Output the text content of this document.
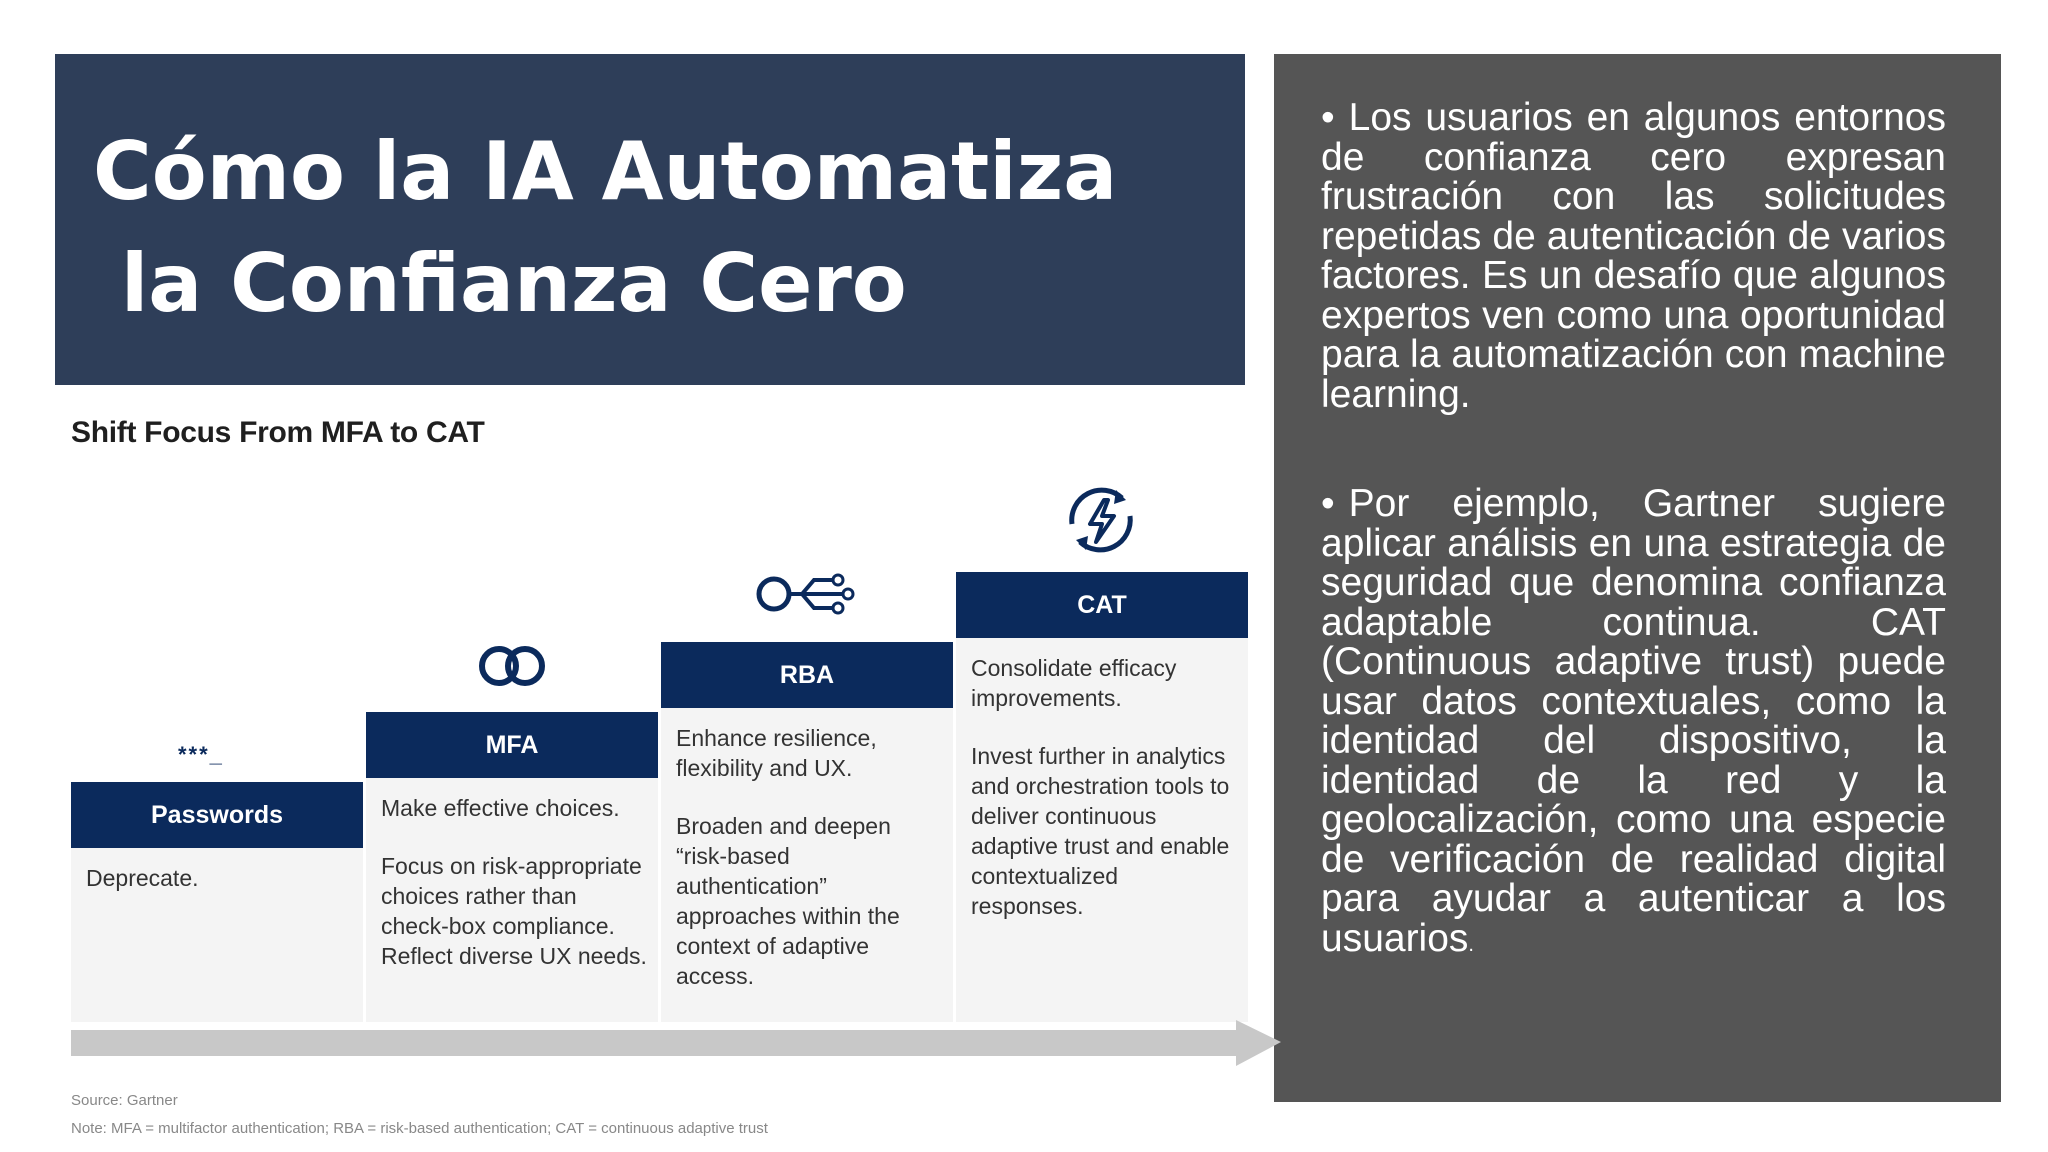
Cómo la IA Automatiza
la Confianza Cero

• Los usuarios en algunos entornos de confianza cero expresan frustración con las solicitudes repetidas de autenticación de varios factores. Es un desafío que algunos expertos ven como una oportunidad para la automatización con machine learning.

• Por ejemplo, Gartner sugiere aplicar análisis en una estrategia de seguridad que denomina confianza adaptable continua. CAT (Continuous adaptive trust) puede usar datos contextuales, como la identidad del dispositivo, la identidad de la red y la geolocalización, como una especie de verificación de realidad digital para ayudar a autenticar a los usuarios.

Shift Focus From MFA to CAT
Passwords
MFA
RBA
CAT

Deprecate.

Make effective choices.

Focus on risk-appropriate choices rather than check-box compliance. Reflect diverse UX needs.

Enhance resilience, flexibility and UX.

Broaden and deepen “risk-based authentication” approaches within the context of adaptive access.

Consolidate efficacy improvements.

Invest further in analytics and orchestration tools to deliver continuous adaptive trust and enable contextualized responses.

***_
Source: Gartner
Note: MFA = multifactor authentication; RBA = risk-based authentication; CAT = continuous adaptive trust
